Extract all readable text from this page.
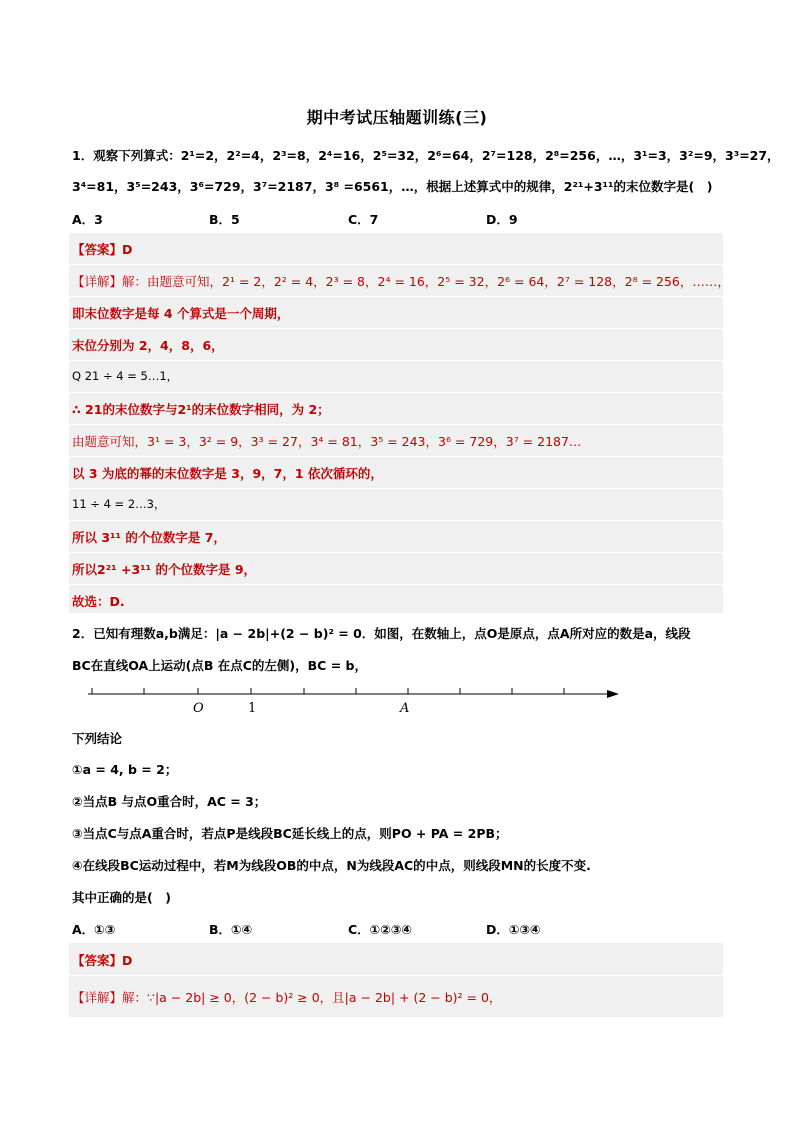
期中考试压轴题训练(三)
1．观察下列算式：2¹=2，2²=4，2³=8，2⁴=16，2⁵=32，2⁶=64，2⁷=128，2⁸=256，…，3¹=3，3²=9，3³=27，
3⁴=81，3⁵=243，3⁶=729，3⁷=2187，3⁸ =6561，…，根据上述算式中的规律，2²¹+3¹¹的末位数字是(　)
A．3	B．5	C．7	D．9
【答案】D
【详解】解：由题意可知，2¹ = 2，2² = 4，2³ = 8，2⁴ = 16，2⁵ = 32，2⁶ = 64，2⁷ = 128，2⁸ = 256，……，
即末位数字是每 4 个算式是一个周期，
末位分别为 2，4，8，6，
Q 21 ÷ 4 = 5…1，
∴ 21的末位数字与2¹的末位数字相同，为 2；
由题意可知，3¹ = 3，3² = 9，3³ = 27，3⁴ = 81，3⁵ = 243，3⁶ = 729，3⁷ = 2187…
以 3 为底的幂的末位数字是 3，9，7，1 依次循环的，
11 ÷ 4 = 2…3，
所以 3¹¹ 的个位数字是 7，
所以2²¹ +3¹¹ 的个位数字是 9，
故选：D.
2．已知有理数a,b满足：|a − 2b|+(2 − b)² = 0．如图，在数轴上，点O是原点，点A所对应的数是a，线段
BC在直线OA上运动(点B 在点C的左侧)，BC = b，
O	1	A
下列结论
①a = 4, b = 2；
②当点B 与点O重合时，AC = 3；
③当点C与点A重合时，若点P是线段BC延长线上的点，则PO + PA = 2PB；
④在线段BC运动过程中，若M为线段OB的中点，N为线段AC的中点，则线段MN的长度不变.
其中正确的是(　)
A．①③	B．①④	C．①②③④	D．①③④
【答案】D
【详解】解：∵|a − 2b| ≥ 0，(2 − b)² ≥ 0，且|a − 2b| + (2 − b)² = 0，
